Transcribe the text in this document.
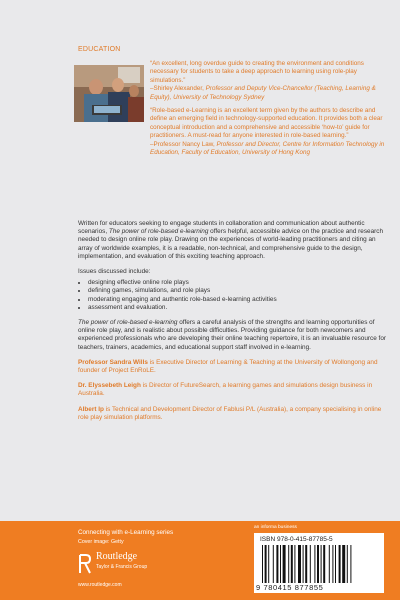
EDUCATION

“An excellent, long overdue guide to creating the environment and conditions necessary for students to take a deep approach to learning using role-play simulations.”
–Shirley Alexander, Professor and Deputy Vice-Chancellor (Teaching, Learning & Equity), University of Technology Sydney

“Role-based e-Learning is an excellent term given by the authors to describe and define an emerging field in technology-supported education. It provides both a clear conceptual introduction and a comprehensive and accessible ‘how-to’ guide for practitioners. A must-read for anyone interested in role-based learning.”
–Professor Nancy Law, Professor and Director, Centre for Information Technology in Education, Faculty of Education, University of Hong Kong

Written for educators seeking to engage students in collaboration and communication about authentic scenarios, The power of role-based e-learning offers helpful, accessible advice on the practice and research needed to design online role play. Drawing on the experiences of world-leading practitioners and citing an array of worldwide examples, it is a readable, non-technical, and comprehensive guide to the design, implementation, and evaluation of this exciting teaching approach.

Issues discussed include:

• designing effective online role plays
• defining games, simulations, and role plays
• moderating engaging and authentic role-based e-learning activities
• assessment and evaluation.

The power of role-based e-learning offers a careful analysis of the strengths and learning opportunities of online role play, and is realistic about possible difficulties. Providing guidance for both newcomers and experienced professionals who are developing their online teaching repertoire, it is an invaluable resource for teachers, trainers, academics, and educational support staff involved in e-learning.

Professor Sandra Wills is Executive Director of Learning & Teaching at the University of Wollongong and founder of Project EnRoLE.

Dr. Elyssebeth Leigh is Director of FutureSearch, a learning games and simulations design business in Australia.

Albert Ip is Technical and Development Director of Fablusi P/L (Australia), a company specialising in online role play simulation platforms.

Connecting with e-Learning series
Cover image: Getty
Routledge
Taylor & Francis Group
www.routledge.com
an informa business
ISBN 978-0-415-87785-5
9 780415 877855
